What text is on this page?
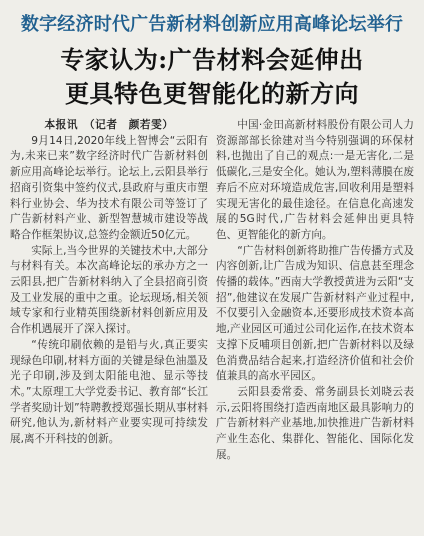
数字经济时代广告新材料创新应用高峰论坛举行
专家认为:广告材料会延伸出
更具特色更智能化的新方向

本报讯　（记者　颜若雯）

9月14日,2020年线上智博会“云阳有为,未来已来”数字经济时代广告新材料创新应用高峰论坛举行。论坛上,云阳县举行招商引资集中签约仪式,县政府与重庆市塑料行业协会、华为技术有限公司等签订了广告新材料产业、新型智慧城市建设等战略合作框架协议,总签约金额近50亿元。

实际上,当今世界的关键技术中,大部分与材料有关。本次高峰论坛的承办方之一云阳县,把广告新材料纳入了全县招商引资及工业发展的重中之重。论坛现场,相关领域专家和行业精英围绕新材料创新应用及合作机遇展开了深入探讨。

“传统印刷依赖的是铅与火,真正要实现绿色印刷,材料方面的关键是绿色油墨及光子印刷,涉及到太阳能电池、显示等技术。”太原理工大学党委书记、教育部“长江学者奖励计划”特聘教授郑强长期从事材料研究,他认为,新材料产业要实现可持续发展,离不开科技的创新。

中国·金田高新材料股份有限公司人力资源部部长徐建对当今特别强调的环保材料,也抛出了自己的观点:一是无害化,二是低碳化,三是安全化。她认为,塑料薄膜在废弃后不应对环境造成危害,回收利用是塑料实现无害化的最佳途径。在信息化高速发展的5G时代,广告材料会延伸出更具特色、更智能化的新方向。

“广告材料创新将助推广告传播方式及内容创新,让广告成为知识、信息甚至理念传播的载体。”西南大学教授黄进为云阳“支招”,他建议在发展广告新材料产业过程中,不仅要引入金融资本,还要形成技术资本高地,产业园区可通过公司化运作,在技术资本支撑下反哺项目创新,把广告新材料以及绿色消费品结合起来,打造经济价值和社会价值兼具的高水平园区。

云阳县委常委、常务副县长刘晓云表示,云阳将围绕打造西南地区最具影响力的广告新材料产业基地,加快推进广告新材料产业生态化、集群化、智能化、国际化发展。
